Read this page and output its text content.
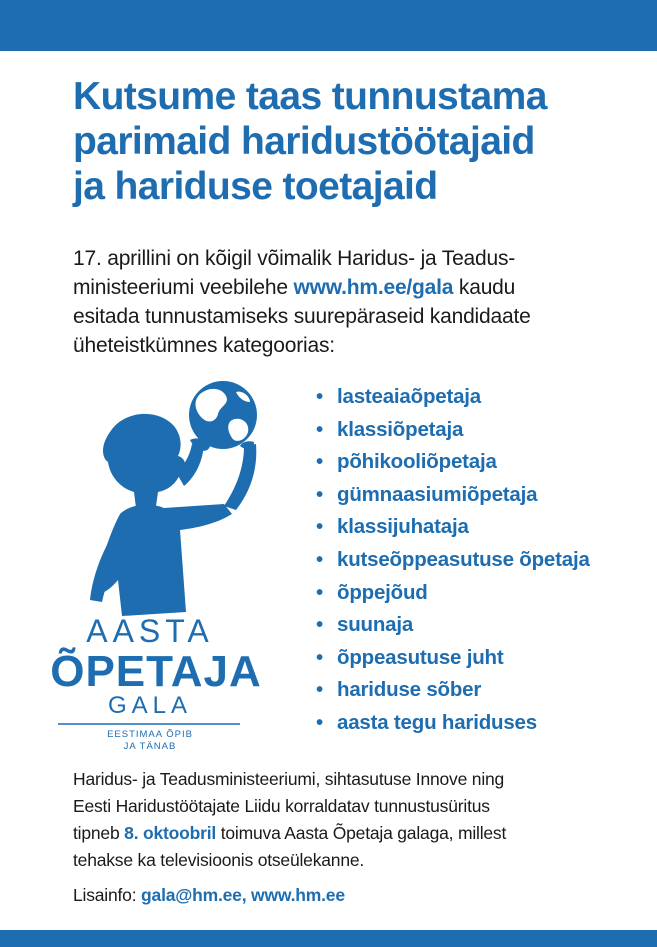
Kutsume taas tunnustama
parimaid haridustöötajaid
ja hariduse toetajaid
17. aprillini on kõigil võimalik Haridus- ja Teadus-
ministeeriumi veebilehe www.hm.ee/gala kaudu
esitada tunnustamiseks suurepäraseid kandidaate
üheteistkümnes kategoorias:
AASTA
ÕPETAJA
GALA
EESTIMAA ÕPIB
JA TÄNAB
• lasteaiaõpetaja
• klassiõpetaja
• põhikooliõpetaja
• gümnaasiumiõpetaja
• klassijuhataja
• kutseõppeasutuse õpetaja
• õppejõud
• suunaja
• õppeasutuse juht
• hariduse sõber
• aasta tegu hariduses
Haridus- ja Teadusministeeriumi, sihtasutuse Innove ning
Eesti Haridustöötajate Liidu korraldatav tunnustusüritus
tipneb 8. oktoobril toimuva Aasta Õpetaja galaga, millest
tehakse ka televisioonis otseülekanne.
Lisainfo: gala@hm.ee, www.hm.ee
